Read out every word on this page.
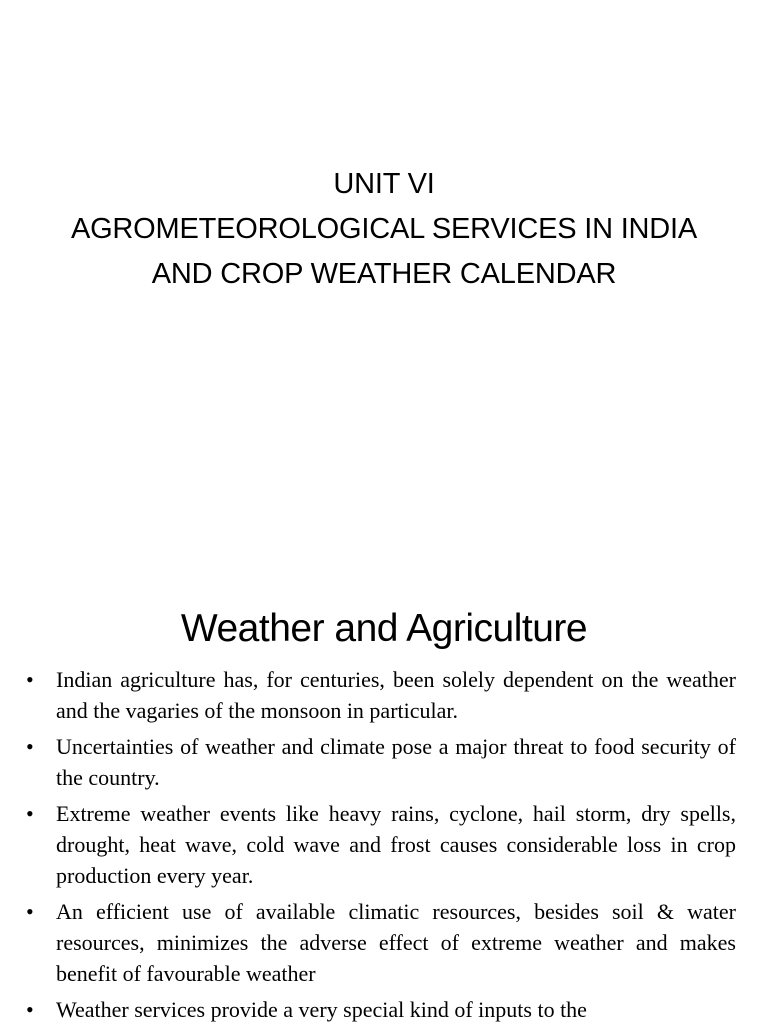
UNIT VI
AGROMETEOROLOGICAL SERVICES IN INDIA
AND CROP WEATHER CALENDAR
Weather and Agriculture
•	Indian agriculture has, for centuries, been solely dependent on the weather and the vagaries of the monsoon in particular.
•	Uncertainties of weather and climate pose a major threat to food security of the country.
•	Extreme weather events like heavy rains, cyclone, hail storm, dry spells, drought, heat wave, cold wave and frost causes considerable loss in crop production every year.
•	An efficient use of available climatic resources, besides soil & water resources, minimizes the adverse effect of extreme weather and makes benefit of favourable weather
•	Weather services provide a very special kind of inputs to the
